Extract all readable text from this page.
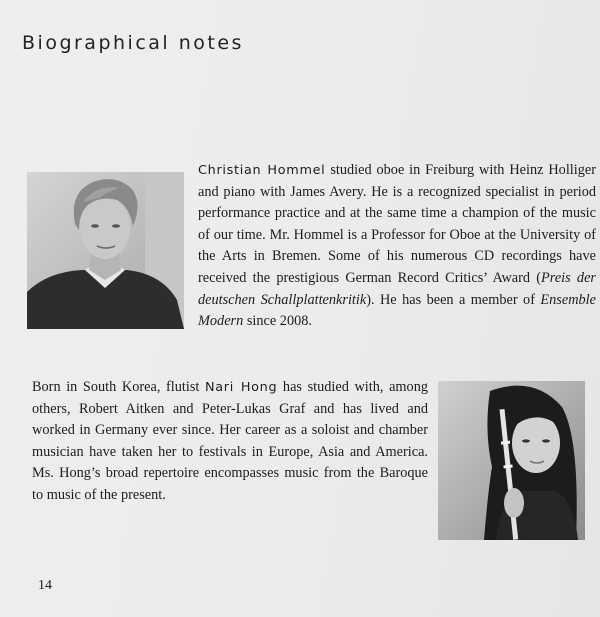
Biographical notes

Christian Hommel studied oboe in Freiburg with Heinz Holliger and piano with James Avery. He is a recognized specialist in period performance practice and at the same time a champion of the music of our time. Mr. Hommel is a Professor for Oboe at the University of the Arts in Bremen. Some of his numerous CD recordings have received the prestigious German Record Critics’ Award (Preis der deutschen Schallplattenkritik). He has been a member of Ensemble Modern since 2008.

Born in South Korea, flutist Nari Hong has studied with, among others, Robert Aitken and Peter-Lukas Graf and has lived and worked in Germany ever since. Her career as a soloist and chamber musician have taken her to festivals in Europe, Asia and America. Ms. Hong’s broad repertoire encompasses music from the Baroque to music of the present.

14
